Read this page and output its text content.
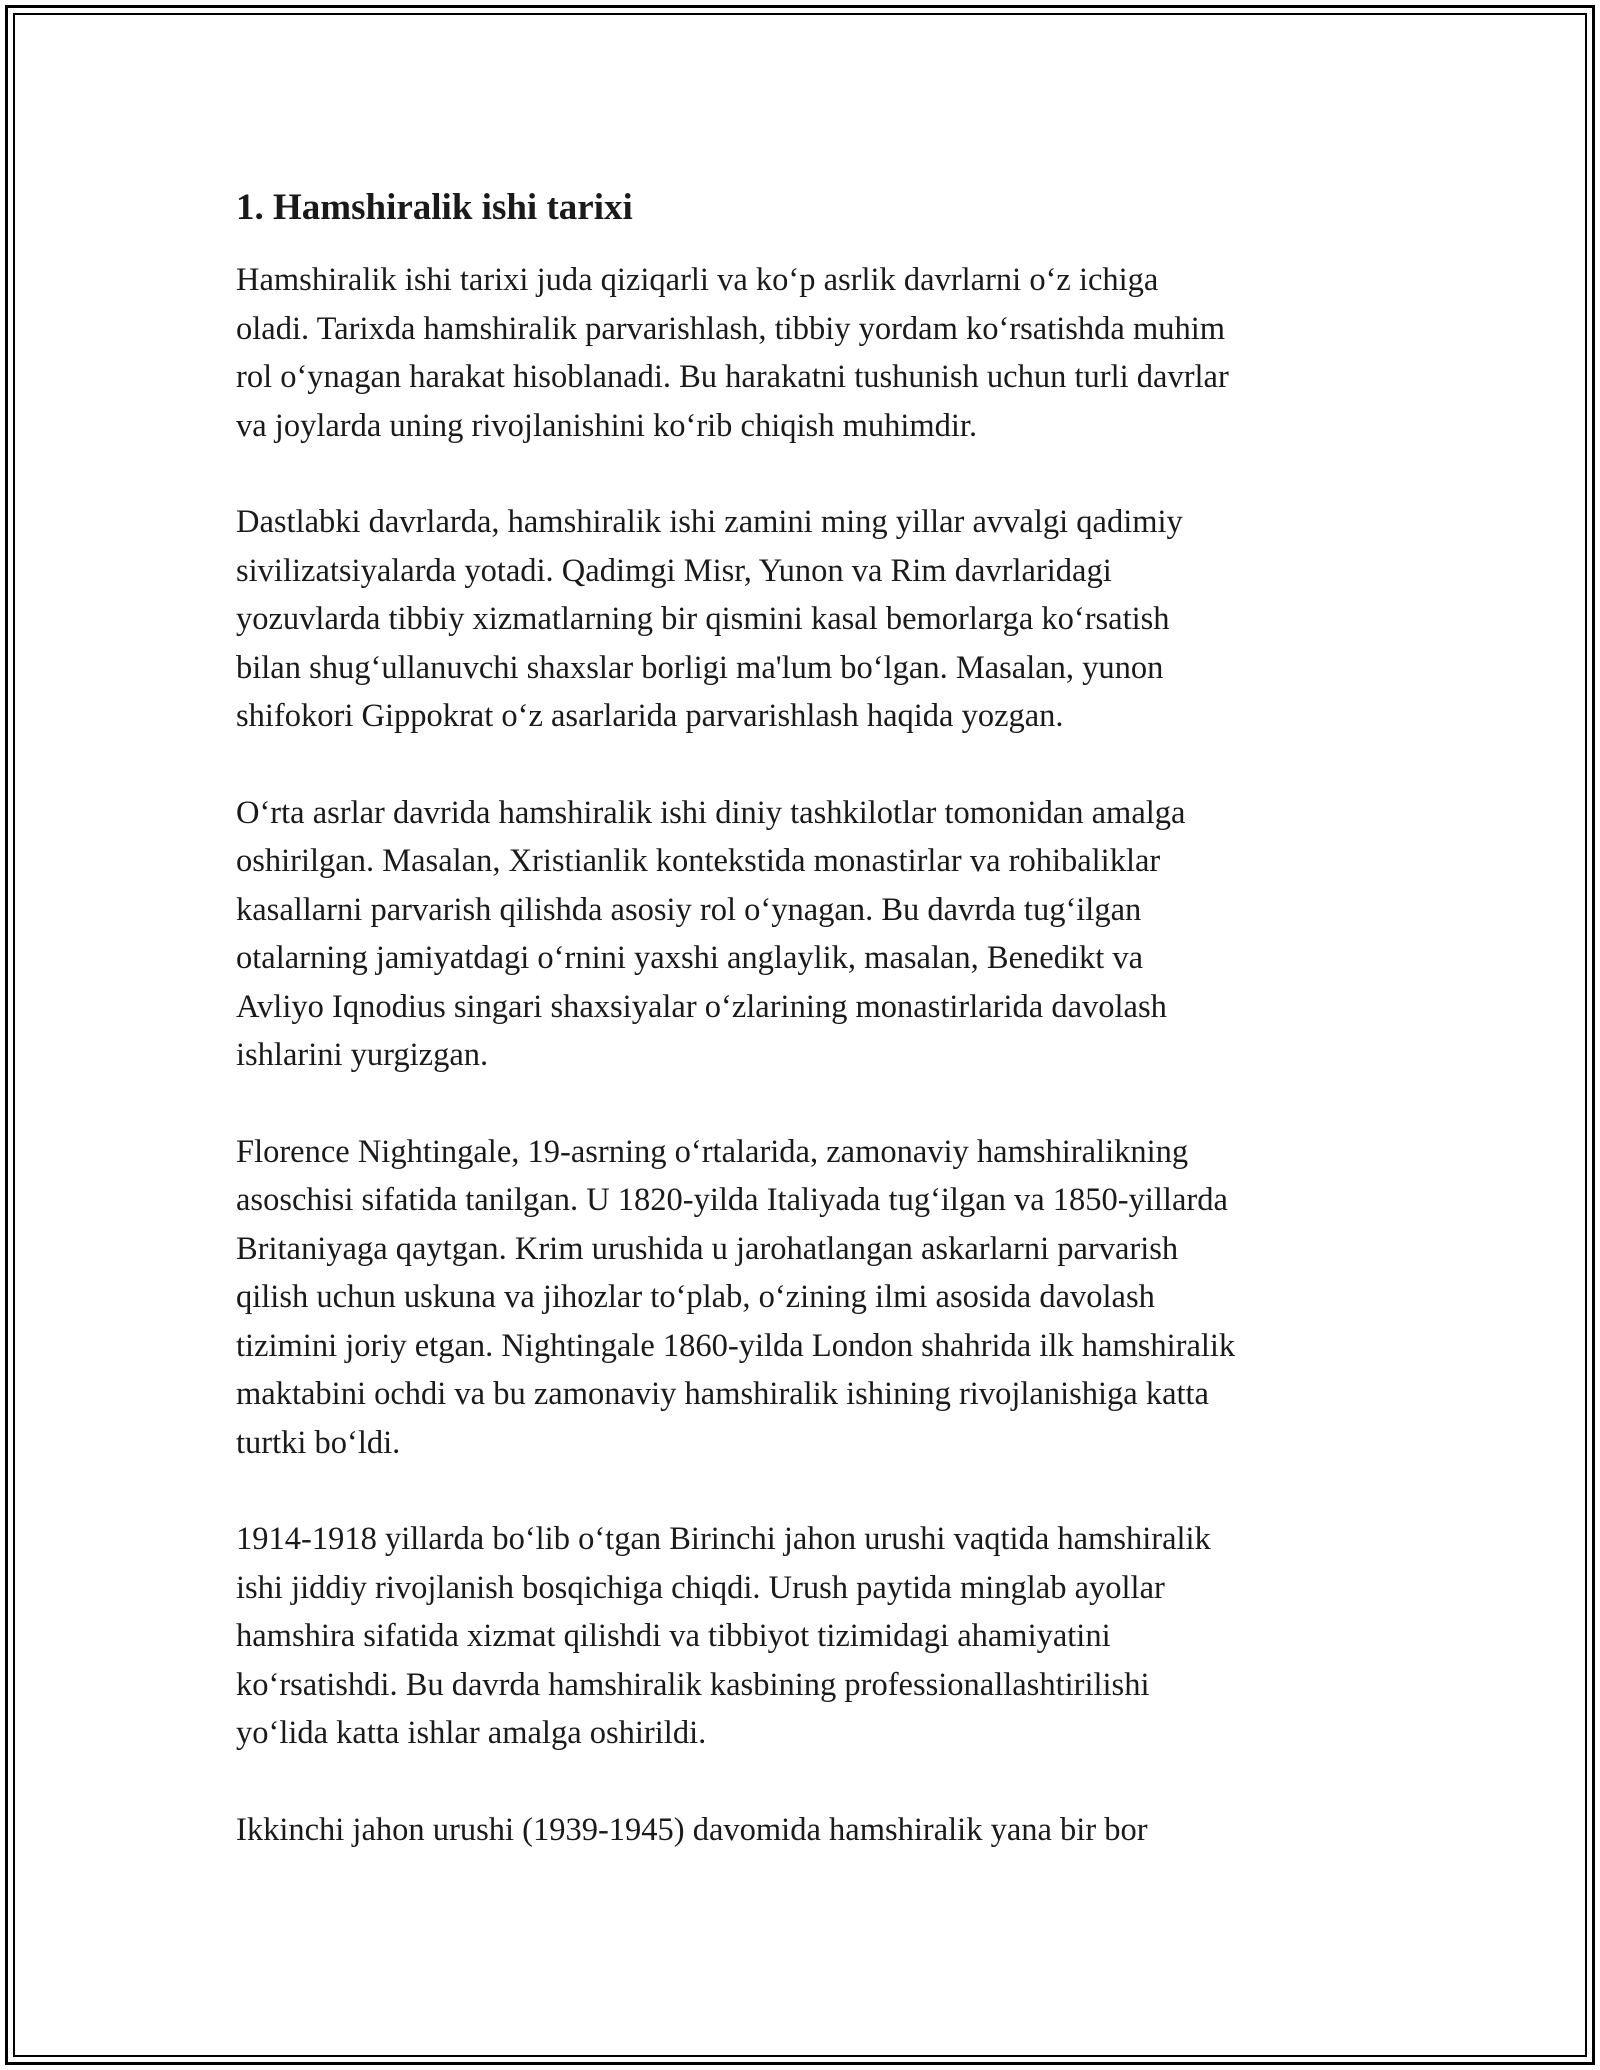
1. Hamshiralik ishi tarixi

Hamshiralik ishi tarixi juda qiziqarli va ko‘p asrlik davrlarni o‘z ichiga
oladi. Tarixda hamshiralik parvarishlash, tibbiy yordam ko‘rsatishda muhim
rol o‘ynagan harakat hisoblanadi. Bu harakatni tushunish uchun turli davrlar
va joylarda uning rivojlanishini ko‘rib chiqish muhimdir.

Dastlabki davrlarda, hamshiralik ishi zamini ming yillar avvalgi qadimiy
sivilizatsiyalarda yotadi. Qadimgi Misr, Yunon va Rim davrlaridagi
yozuvlarda tibbiy xizmatlarning bir qismini kasal bemorlarga ko‘rsatish
bilan shug‘ullanuvchi shaxslar borligi ma'lum bo‘lgan. Masalan, yunon
shifokori Gippokrat o‘z asarlarida parvarishlash haqida yozgan.

O‘rta asrlar davrida hamshiralik ishi diniy tashkilotlar tomonidan amalga
oshirilgan. Masalan, Xristianlik kontekstida monastirlar va rohibaliklar
kasallarni parvarish qilishda asosiy rol o‘ynagan. Bu davrda tug‘ilgan
otalarning jamiyatdagi o‘rnini yaxshi anglaylik, masalan, Benedikt va
Avliyo Iqnodius singari shaxsiyalar o‘zlarining monastirlarida davolash
ishlarini yurgizgan.

Florence Nightingale, 19-asrning o‘rtalarida, zamonaviy hamshiralikning
asoschisi sifatida tanilgan. U 1820-yilda Italiyada tug‘ilgan va 1850-yillarda
Britaniyaga qaytgan. Krim urushida u jarohatlangan askarlarni parvarish
qilish uchun uskuna va jihozlar to‘plab, o‘zining ilmi asosida davolash
tizimini joriy etgan. Nightingale 1860-yilda London shahrida ilk hamshiralik
maktabini ochdi va bu zamonaviy hamshiralik ishining rivojlanishiga katta
turtki bo‘ldi.

1914-1918 yillarda bo‘lib o‘tgan Birinchi jahon urushi vaqtida hamshiralik
ishi jiddiy rivojlanish bosqichiga chiqdi. Urush paytida minglab ayollar
hamshira sifatida xizmat qilishdi va tibbiyot tizimidagi ahamiyatini
ko‘rsatishdi. Bu davrda hamshiralik kasbining professionallashtirilishi
yo‘lida katta ishlar amalga oshirildi.

Ikkinchi jahon urushi (1939-1945) davomida hamshiralik yana bir bor
